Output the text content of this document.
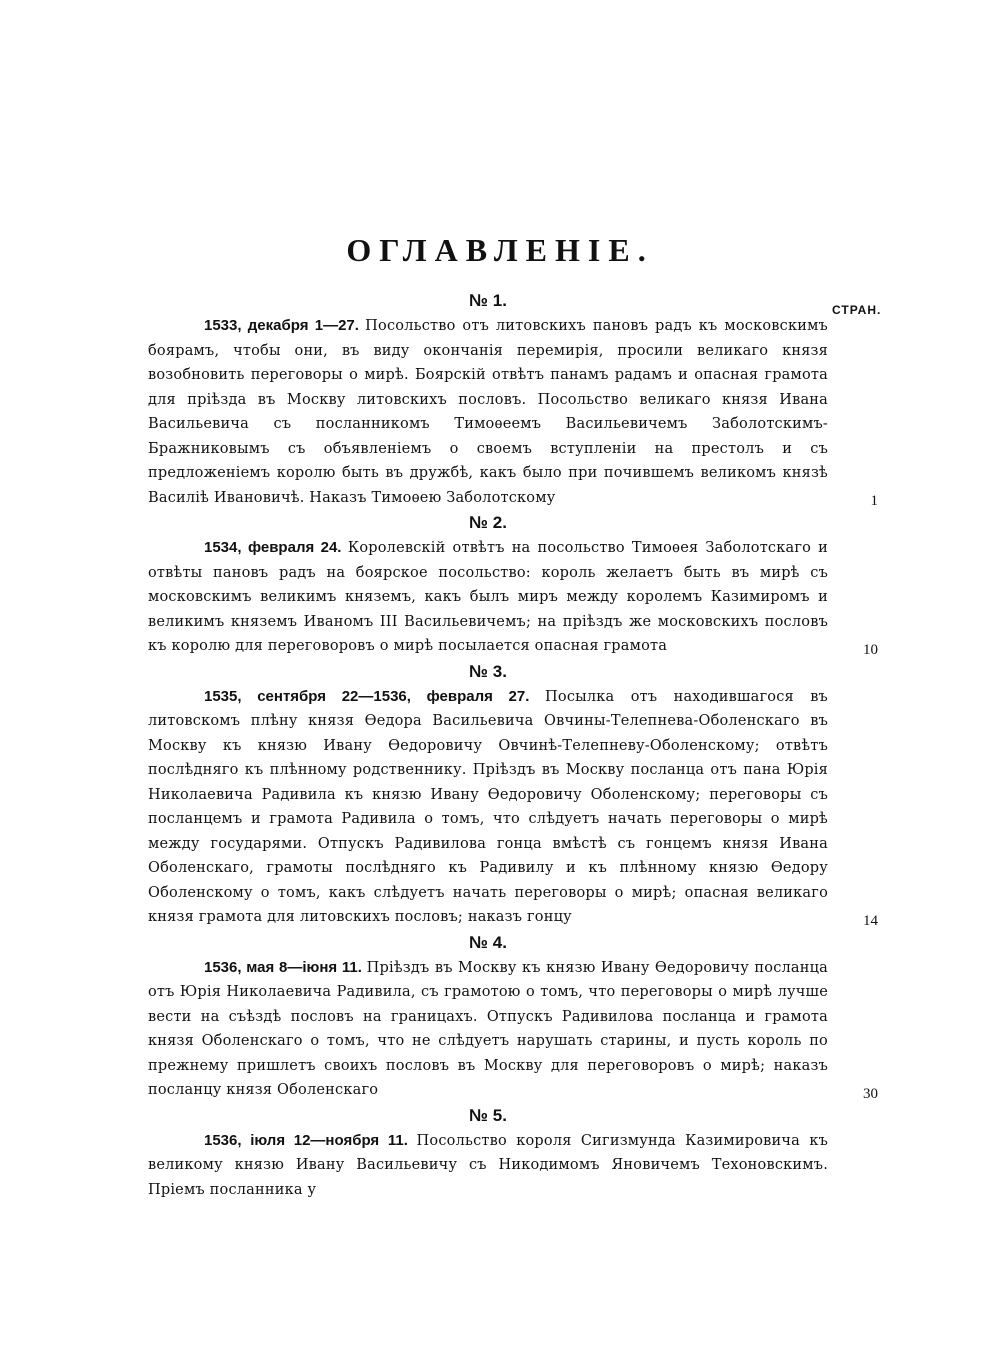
ОГЛАВЛЕНІЕ.
СТРАН.
№ 1.
1533, декабря 1—27. Посольство отъ литовскихъ пановъ радъ къ московскимъ боярамъ, чтобы они, въ виду окончанія перемирія, просили великаго князя возобновить переговоры о мирѣ. Боярскій отвѣтъ панамъ радамъ и опасная грамота для пріѣзда въ Москву литовскихъ пословъ. Посольство великаго князя Ивана Васильевича съ посланникомъ Тимоѳеемъ Васильевичемъ Заболотскимъ-Бражниковымъ съ объявленіемъ о своемъ вступленіи на престолъ и съ предложеніемъ королю быть въ дружбѣ, какъ было при почившемъ великомъ князѣ Василіѣ Ивановичѣ. Наказъ Тимоѳею Заболотскому	1
№ 2.
1534, февраля 24. Королевскій отвѣтъ на посольство Тимоѳея Заболотскаго и отвѣты пановъ радъ на боярское посольство: король желаетъ быть въ мирѣ съ московскимъ великимъ княземъ, какъ былъ миръ между королемъ Казимиромъ и великимъ княземъ Иваномъ III Васильевичемъ; на пріѣздъ же московскихъ пословъ къ королю для переговоровъ о мирѣ посылается опасная грамота	10
№ 3.
1535, сентября 22—1536, февраля 27. Посылка отъ находившагося въ литовскомъ плѣну князя Ѳедора Васильевича Овчины-Телепнева-Оболенскаго въ Москву къ князю Ивану Ѳедоровичу Овчинѣ-Телепневу-Оболенскому; отвѣтъ послѣдняго къ плѣнному родственнику. Пріѣздъ въ Москву посланца отъ пана Юрія Николаевича Радивила къ князю Ивану Ѳедоровичу Оболенскому; переговоры съ посланцемъ и грамота Радивила о томъ, что слѣдуетъ начать переговоры о мирѣ между государями. Отпускъ Радивилова гонца вмѣстѣ съ гонцемъ князя Ивана Оболенскаго, грамоты послѣдняго къ Радивилу и къ плѣнному князю Ѳедору Оболенскому о томъ, какъ слѣдуетъ начать переговоры о мирѣ; опасная великаго князя грамота для литовскихъ пословъ; наказъ гонцу	14
№ 4.
1536, мая 8—іюня 11. Пріѣздъ въ Москву къ князю Ивану Ѳедоровичу посланца отъ Юрія Николаевича Радивила, съ грамотою о томъ, что переговоры о мирѣ лучше вести на съѣздѣ пословъ на границахъ. Отпускъ Радивилова посланца и грамота князя Оболенскаго о томъ, что не слѣдуетъ нарушать старины, и пусть король по прежнему пришлетъ своихъ пословъ въ Москву для переговоровъ о мирѣ; наказъ посланцу князя Оболенскаго	30
№ 5.
1536, іюля 12—ноября 11. Посольство короля Сигизмунда Казимировича къ великому князю Ивану Васильевичу съ Никодимомъ Яновичемъ Техоновскимъ. Пріемъ посланника у
